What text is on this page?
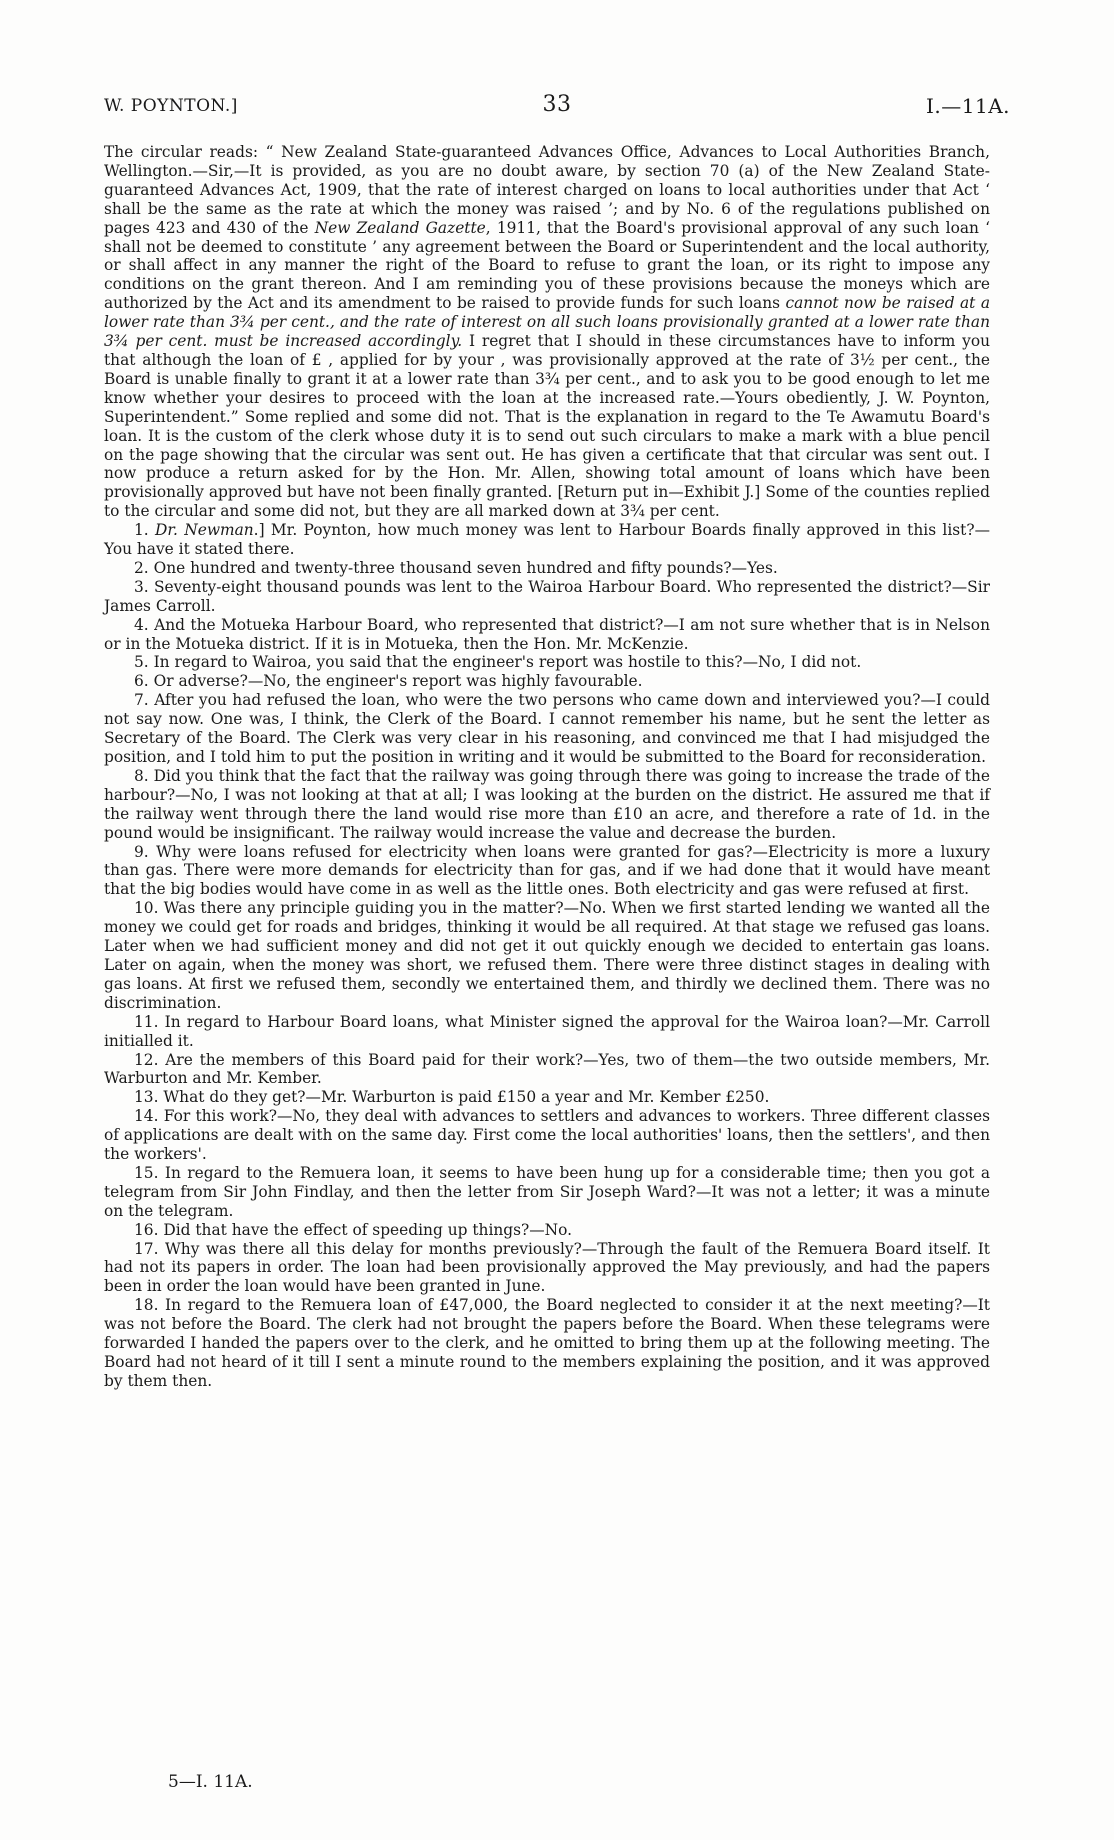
W. POYNTON.]	33	I.—11A.

The circular reads: “ New Zealand State-guaranteed Advances Office, Advances to Local Authorities Branch, Wellington.—Sir,—It is provided, as you are no doubt aware, by section 70 (a) of the New Zealand State-guaranteed Advances Act, 1909, that the rate of interest charged on loans to local authorities under that Act ‘ shall be the same as the rate at which the money was raised ’; and by No. 6 of the regulations published on pages 423 and 430 of the New Zealand Gazette, 1911, that the Board's provisional approval of any such loan ‘ shall not be deemed to constitute ’ any agreement between the Board or Superintendent and the local authority, or shall affect in any manner the right of the Board to refuse to grant the loan, or its right to impose any conditions on the grant thereon. And I am reminding you of these provisions because the moneys which are authorized by the Act and its amendment to be raised to provide funds for such loans cannot now be raised at a lower rate than 3¾ per cent., and the rate of interest on all such loans provisionally granted at a lower rate than 3¾ per cent. must be increased accordingly. I regret that I should in these circumstances have to inform you that although the loan of £ , applied for by your , was provisionally approved at the rate of 3½ per cent., the Board is unable finally to grant it at a lower rate than 3¾ per cent., and to ask you to be good enough to let me know whether your desires to proceed with the loan at the increased rate.—Yours obediently, J. W. Poynton, Superintendent.” Some replied and some did not. That is the explanation in regard to the Te Awamutu Board's loan. It is the custom of the clerk whose duty it is to send out such circulars to make a mark with a blue pencil on the page showing that the circular was sent out. He has given a certificate that that circular was sent out. I now produce a return asked for by the Hon. Mr. Allen, showing total amount of loans which have been provisionally approved but have not been finally granted. [Return put in—Exhibit J.] Some of the counties replied to the circular and some did not, but they are all marked down at 3¾ per cent.

1. Dr. Newman.] Mr. Poynton, how much money was lent to Harbour Boards finally approved in this list?—You have it stated there.

2. One hundred and twenty-three thousand seven hundred and fifty pounds?—Yes.

3. Seventy-eight thousand pounds was lent to the Wairoa Harbour Board. Who represented the district?—Sir James Carroll.

4. And the Motueka Harbour Board, who represented that district?—I am not sure whether that is in Nelson or in the Motueka district. If it is in Motueka, then the Hon. Mr. McKenzie.

5. In regard to Wairoa, you said that the engineer's report was hostile to this?—No, I did not.

6. Or adverse?—No, the engineer's report was highly favourable.

7. After you had refused the loan, who were the two persons who came down and interviewed you?—I could not say now. One was, I think, the Clerk of the Board. I cannot remember his name, but he sent the letter as Secretary of the Board. The Clerk was very clear in his reasoning, and convinced me that I had misjudged the position, and I told him to put the position in writing and it would be submitted to the Board for reconsideration.

8. Did you think that the fact that the railway was going through there was going to increase the trade of the harbour?—No, I was not looking at that at all; I was looking at the burden on the district. He assured me that if the railway went through there the land would rise more than £10 an acre, and therefore a rate of 1d. in the pound would be insignificant. The railway would increase the value and decrease the burden.

9. Why were loans refused for electricity when loans were granted for gas?—Electricity is more a luxury than gas. There were more demands for electricity than for gas, and if we had done that it would have meant that the big bodies would have come in as well as the little ones. Both electricity and gas were refused at first.

10. Was there any principle guiding you in the matter?—No. When we first started lending we wanted all the money we could get for roads and bridges, thinking it would be all required. At that stage we refused gas loans. Later when we had sufficient money and did not get it out quickly enough we decided to entertain gas loans. Later on again, when the money was short, we refused them. There were three distinct stages in dealing with gas loans. At first we refused them, secondly we entertained them, and thirdly we declined them. There was no discrimination.

11. In regard to Harbour Board loans, what Minister signed the approval for the Wairoa loan?—Mr. Carroll initialled it.

12. Are the members of this Board paid for their work?—Yes, two of them—the two outside members, Mr. Warburton and Mr. Kember.

13. What do they get?—Mr. Warburton is paid £150 a year and Mr. Kember £250.

14. For this work?—No, they deal with advances to settlers and advances to workers. Three different classes of applications are dealt with on the same day. First come the local authorities' loans, then the settlers', and then the workers'.

15. In regard to the Remuera loan, it seems to have been hung up for a considerable time; then you got a telegram from Sir John Findlay, and then the letter from Sir Joseph Ward?—It was not a letter; it was a minute on the telegram.

16. Did that have the effect of speeding up things?—No.

17. Why was there all this delay for months previously?—Through the fault of the Remuera Board itself. It had not its papers in order. The loan had been provisionally approved the May previously, and had the papers been in order the loan would have been granted in June.

18. In regard to the Remuera loan of £47,000, the Board neglected to consider it at the next meeting?—It was not before the Board. The clerk had not brought the papers before the Board. When these telegrams were forwarded I handed the papers over to the clerk, and he omitted to bring them up at the following meeting. The Board had not heard of it till I sent a minute round to the members explaining the position, and it was approved by them then.

5—I. 11A.
